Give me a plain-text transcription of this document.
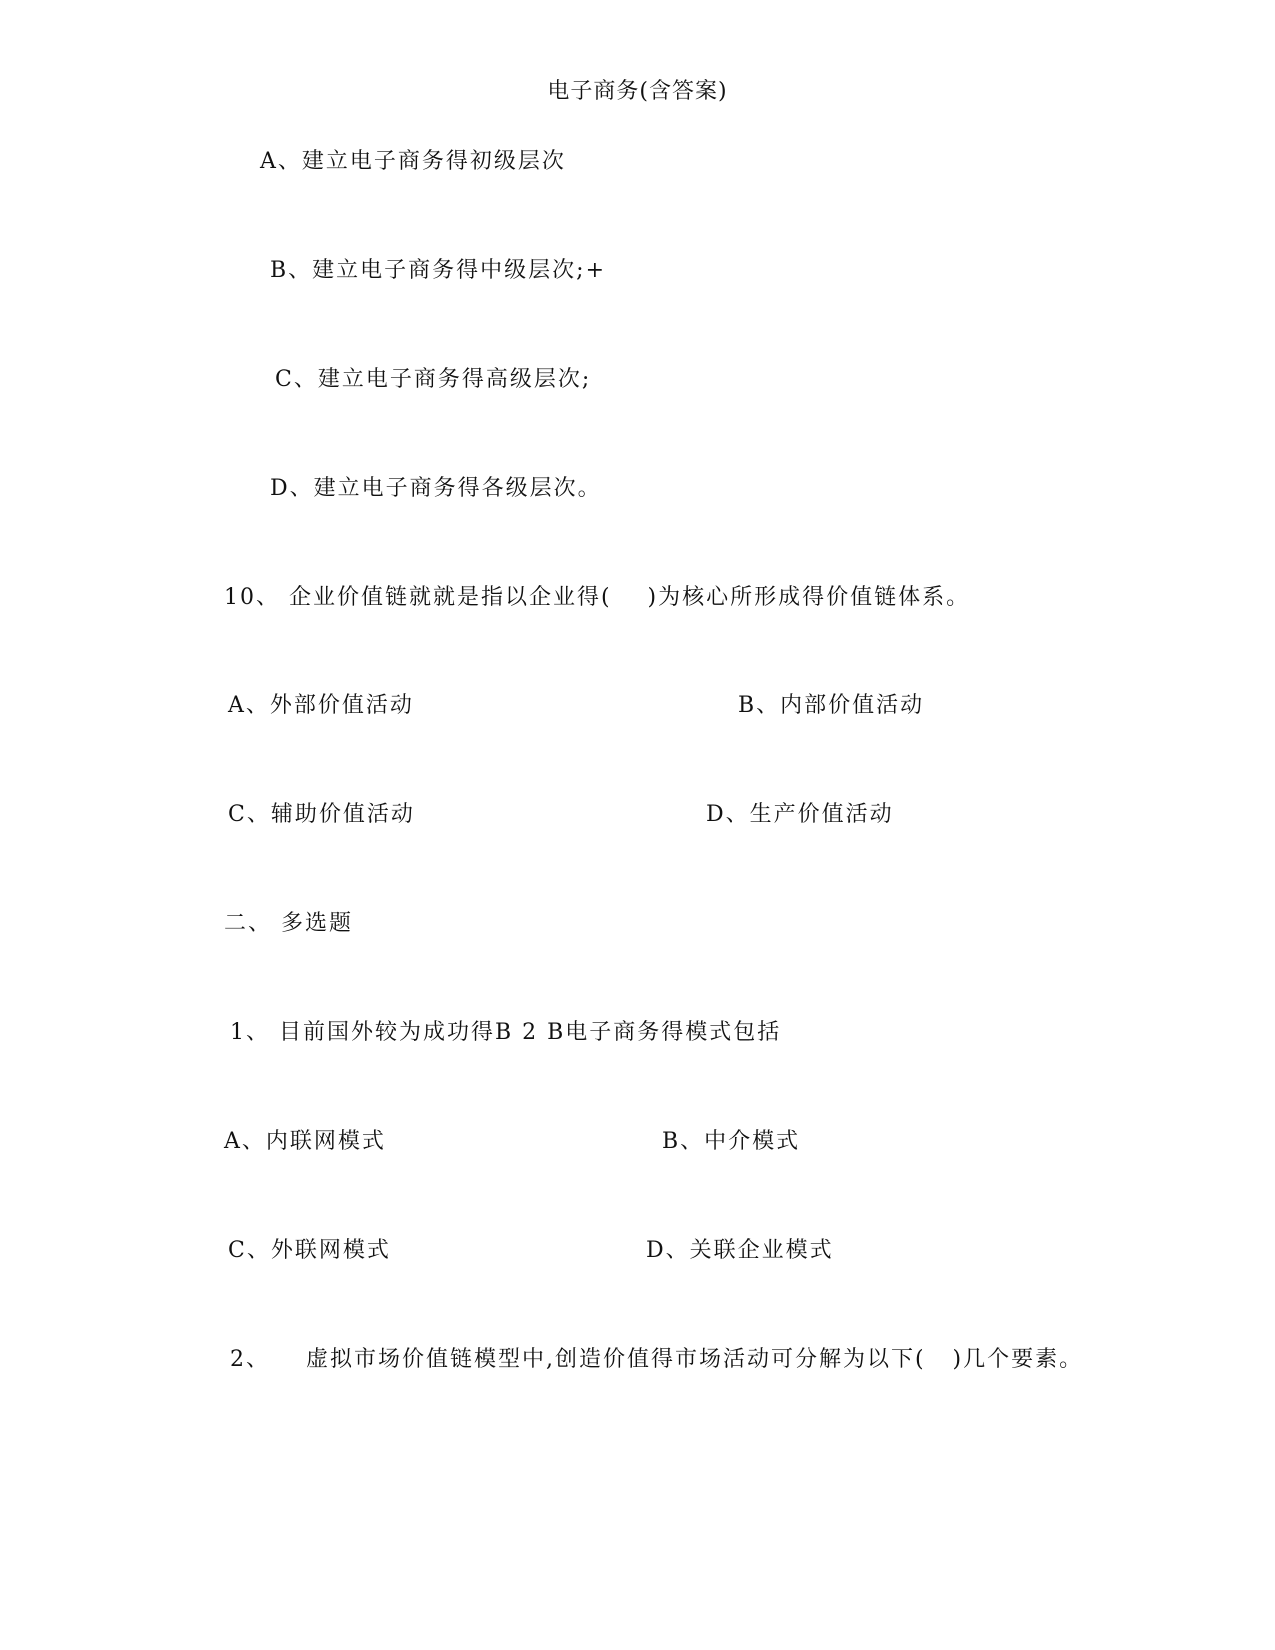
电子商务(含答案)
A、建立电子商务得初级层次
B、建立电子商务得中级层次;+
C、建立电子商务得高级层次;
D、建立电子商务得各级层次。
10、 企业价值链就就是指以企业得(    )为核心所形成得价值链体系。
A、外部价值活动	B、内部价值活动
C、辅助价值活动	D、生产价值活动
二、 多选题
1、 目前国外较为成功得B 2 B电子商务得模式包括
A、内联网模式	B、中介模式
C、外联网模式	D、关联企业模式
2、    虚拟市场价值链模型中,创造价值得市场活动可分解为以下(   )几个要素。
